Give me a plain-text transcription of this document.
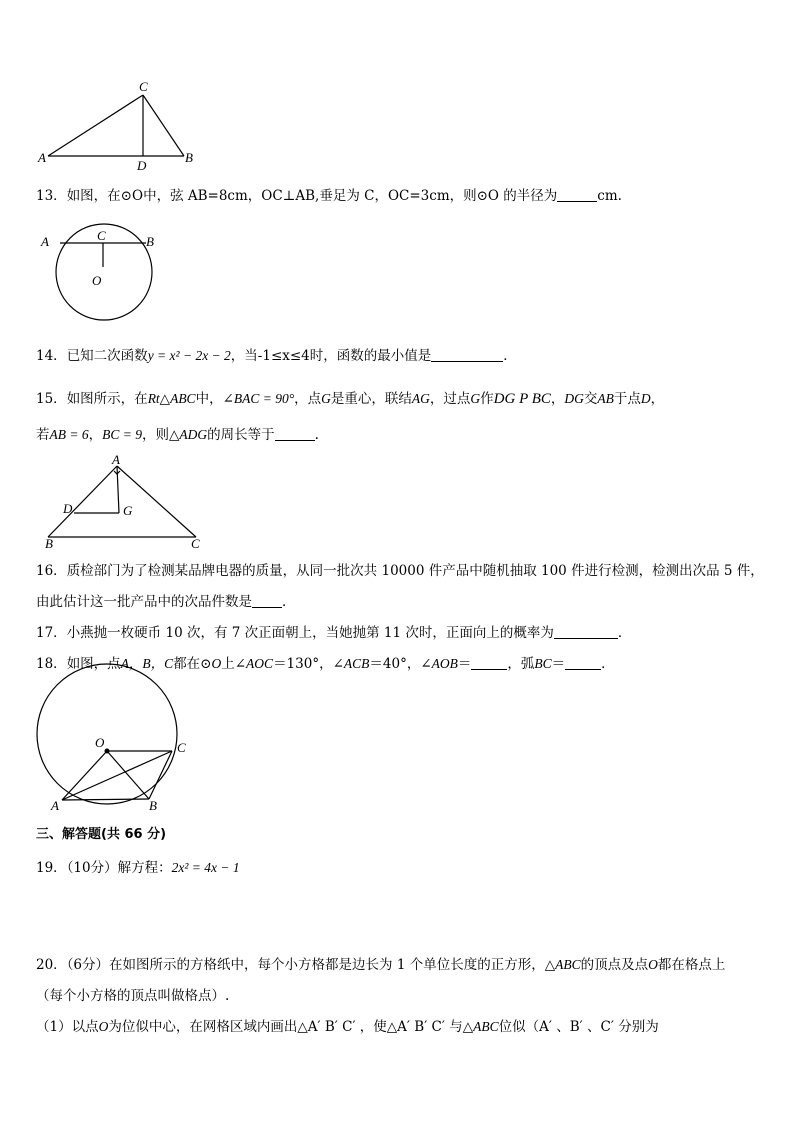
A	B
C
D
A	B
C
O
A
B	C
D	G
O	C
A	B
13．如图，在⊙O中，弦 AB=8cm，OC⊥AB,垂足为 C，OC=3cm，则⊙O 的半径为	cm.
14．已知二次函数y = x² − 2x − 2，当-1≤x≤4时，函数的最小值是	．
15．如图所示，在Rt△ABC中，∠BAC = 90°，点G是重心，联结AG，过点G作DG P BC，DG交AB于点D，
若AB = 6，BC = 9，则△ADG的周长等于	.
16．质检部门为了检测某品牌电器的质量，从同一批次共 10000 件产品中随机抽取 100 件进行检测，检测出次品 5 件，
由此估计这一批产品中的次品件数是 ．
17．小燕抛一枚硬币 10 次，有 7 次正面朝上，当她抛第 11 次时，正面向上的概率为	．
18．如图，点A，B，C都在⊙O上∠AOC＝130°，∠ACB＝40°，∠AOB＝	，弧BC＝	．
三、解答题(共 66 分)
19．（10分）解方程：2x² = 4x − 1
20．（6分）在如图所示的方格纸中，每个小方格都是边长为 1 个单位长度的正方形，△ABC的顶点及点O都在格点上
（每个小方格的顶点叫做格点）.
（1）以点O为位似中心，在网格区域内画出△A′ B′ C′ ，使△A′ B′ C′ 与△ABC位似（A′ 、B′ 、C′ 分别为
